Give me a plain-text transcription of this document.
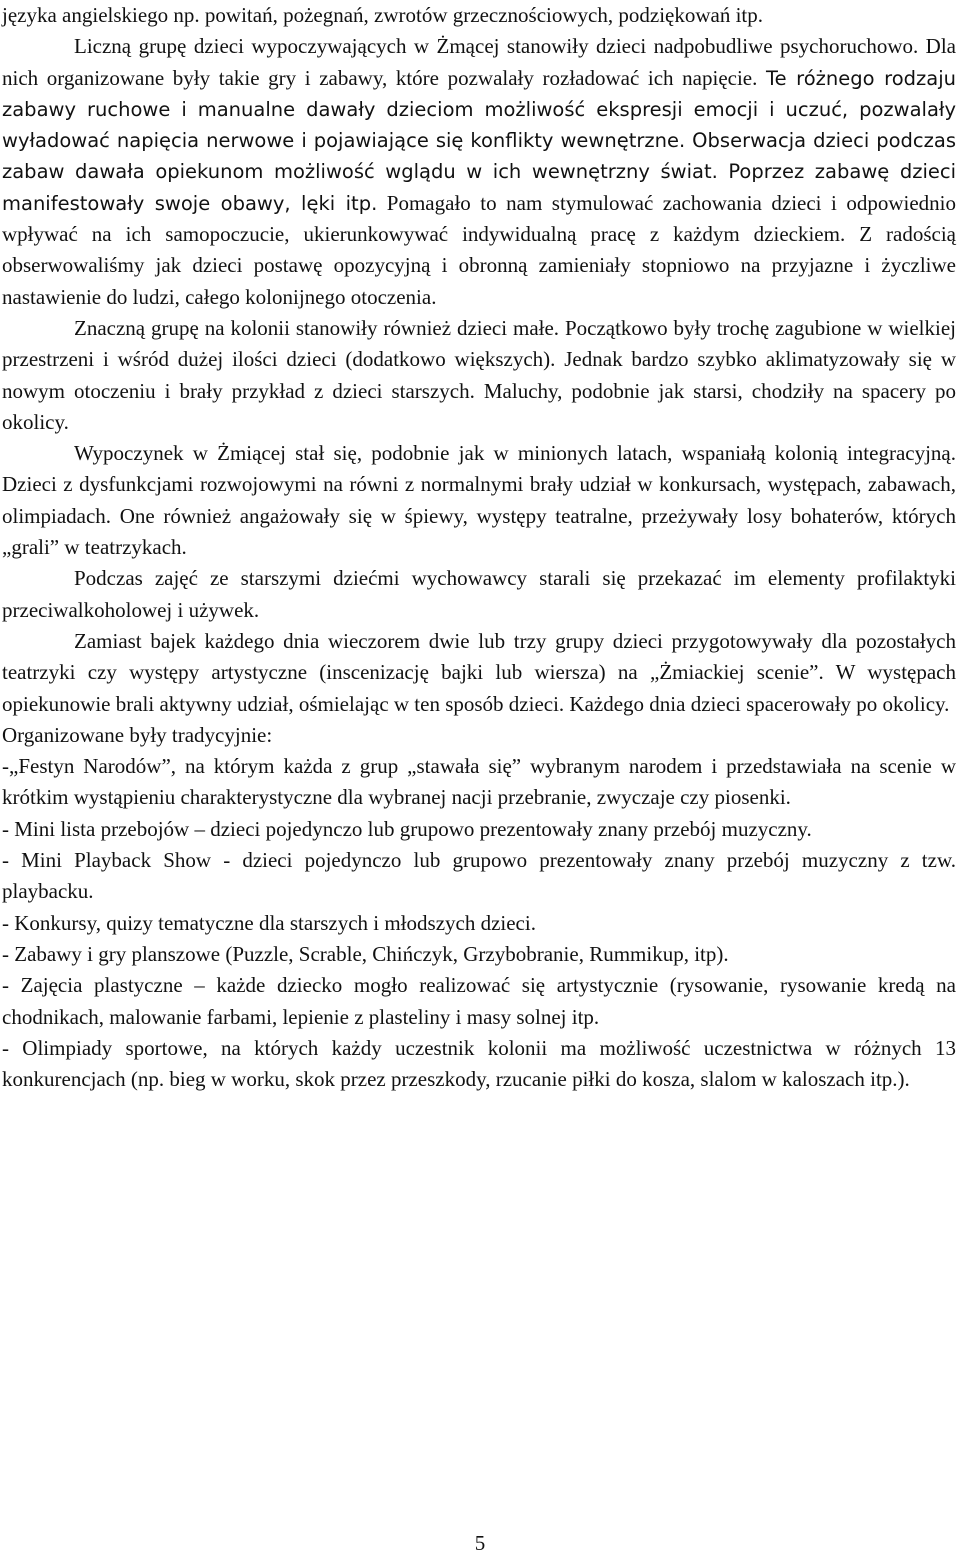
języka angielskiego np. powitań, pożegnań, zwrotów grzecznościowych, podziękowań itp.

Liczną grupę dzieci wypoczywających w Żmącej stanowiły dzieci nadpobudliwe psychoruchowo. Dla nich organizowane były takie gry i zabawy, które pozwalały rozładować ich napięcie. Te różnego rodzaju zabawy ruchowe i manualne dawały dzieciom możliwość ekspresji emocji i uczuć, pozwalały wyładować napięcia nerwowe i pojawiające się konflikty wewnętrzne. Obserwacja dzieci podczas zabaw dawała opiekunom możliwość wglądu w ich wewnętrzny świat. Poprzez zabawę dzieci manifestowały swoje obawy, lęki itp. Pomagało to nam stymulować zachowania dzieci i odpowiednio wpływać na ich samopoczucie, ukierunkowywać indywidualną pracę z każdym dzieckiem. Z radością obserwowaliśmy jak dzieci postawę opozycyjną i obronną zamieniały stopniowo na przyjazne i życzliwe nastawienie do ludzi, całego kolonijnego otoczenia.

Znaczną grupę na kolonii stanowiły również dzieci małe. Początkowo były trochę zagubione w wielkiej przestrzeni i wśród dużej ilości dzieci (dodatkowo większych). Jednak bardzo szybko aklimatyzowały się w nowym otoczeniu i brały przykład z dzieci starszych. Maluchy, podobnie jak starsi, chodziły na spacery po okolicy.

Wypoczynek w Żmiącej stał się, podobnie jak w minionych latach, wspaniałą kolonią integracyjną. Dzieci z dysfunkcjami rozwojowymi na równi z normalnymi brały udział w konkursach, występach, zabawach, olimpiadach. One również angażowały się w śpiewy, występy teatralne, przeżywały losy bohaterów, których „grali” w teatrzykach.

Podczas zajęć ze starszymi dziećmi wychowawcy starali się przekazać im elementy profilaktyki przeciwalkoholowej i używek.

Zamiast bajek każdego dnia wieczorem dwie lub trzy grupy dzieci przygotowywały dla pozostałych teatrzyki czy występy artystyczne (inscenizację bajki lub wiersza) na „Żmiackiej scenie”. W występach opiekunowie brali aktywny udział, ośmielając w ten sposób dzieci. Każdego dnia dzieci spacerowały po okolicy.

Organizowane były tradycyjnie:

-„Festyn Narodów”, na którym każda z grup „stawała się” wybranym narodem i przedstawiała na scenie w krótkim wystąpieniu charakterystyczne dla wybranej nacji przebranie, zwyczaje czy piosenki.

- Mini lista przebojów – dzieci pojedynczo lub grupowo prezentowały znany przebój muzyczny.

- Mini Playback Show - dzieci pojedynczo lub grupowo prezentowały znany przebój muzyczny z tzw. playbacku.

- Konkursy, quizy tematyczne dla starszych i młodszych dzieci.

- Zabawy i gry planszowe (Puzzle, Scrable, Chińczyk, Grzybobranie, Rummikup, itp).

- Zajęcia plastyczne – każde dziecko mogło realizować się artystycznie (rysowanie, rysowanie kredą na chodnikach, malowanie farbami, lepienie z plasteliny i masy solnej itp.

- Olimpiady sportowe, na których każdy uczestnik kolonii ma możliwość uczestnictwa w różnych 13 konkurencjach (np. bieg w worku, skok przez przeszkody, rzucanie piłki do kosza, slalom w kaloszach itp.).

5
